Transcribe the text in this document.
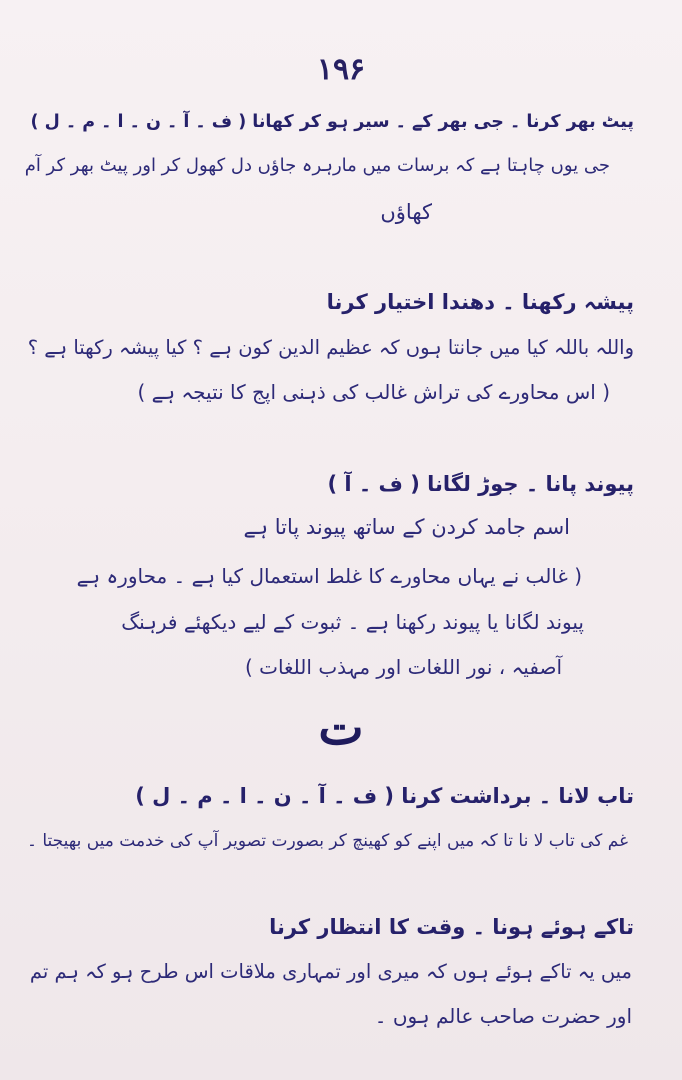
۱۹۶
پیٹ بھر کرنا ۔ جی بھر کے ۔ سیر ہو کر کھانا ( ف ۔ آ ۔ ن ۔ ا ۔ م ۔ ل )
جی یوں چاہتا ہے کہ برسات میں مارہرہ جاؤں دل کھول کر اور پیٹ بھر کر آم
کھاؤں
پیشہ رکھنا ۔ دھندا اختیار کرنا
واللہ باللہ کیا میں جانتا ہوں کہ عظیم الدین کون ہے ؟ کیا پیشہ رکھتا ہے ؟
( اس محاورے کی تراش غالب کی ذہنی اپج کا نتیجہ ہے )
پیوند پانا ۔ جوڑ لگانا ( ف ۔ آ )
اسم جامد کردن کے ساتھ پیوند پاتا ہے
( غالب نے یہاں محاورے کا غلط استعمال کیا ہے ۔ محاورہ ہے
پیوند لگانا یا پیوند رکھنا ہے ۔ ثبوت کے لیے دیکھئے فرہنگ
آصفیہ ، نور اللغات اور مہذب اللغات )
ت
تاب لانا ۔ برداشت کرنا ( ف ۔ آ ۔ ن ۔ ا ۔ م ۔ ل )
غم کی تاب لا نا تا کہ میں اپنے کو کھینچ کر بصورت تصویر آپ کی خدمت میں بھیجتا ۔
تاکے ہوئے ہونا ۔ وقت کا انتظار کرنا
میں یہ تاکے ہوئے ہوں کہ میری اور تمہاری ملاقات اس طرح ہو کہ ہم تم
اور حضرت صاحب عالم ہوں ۔
